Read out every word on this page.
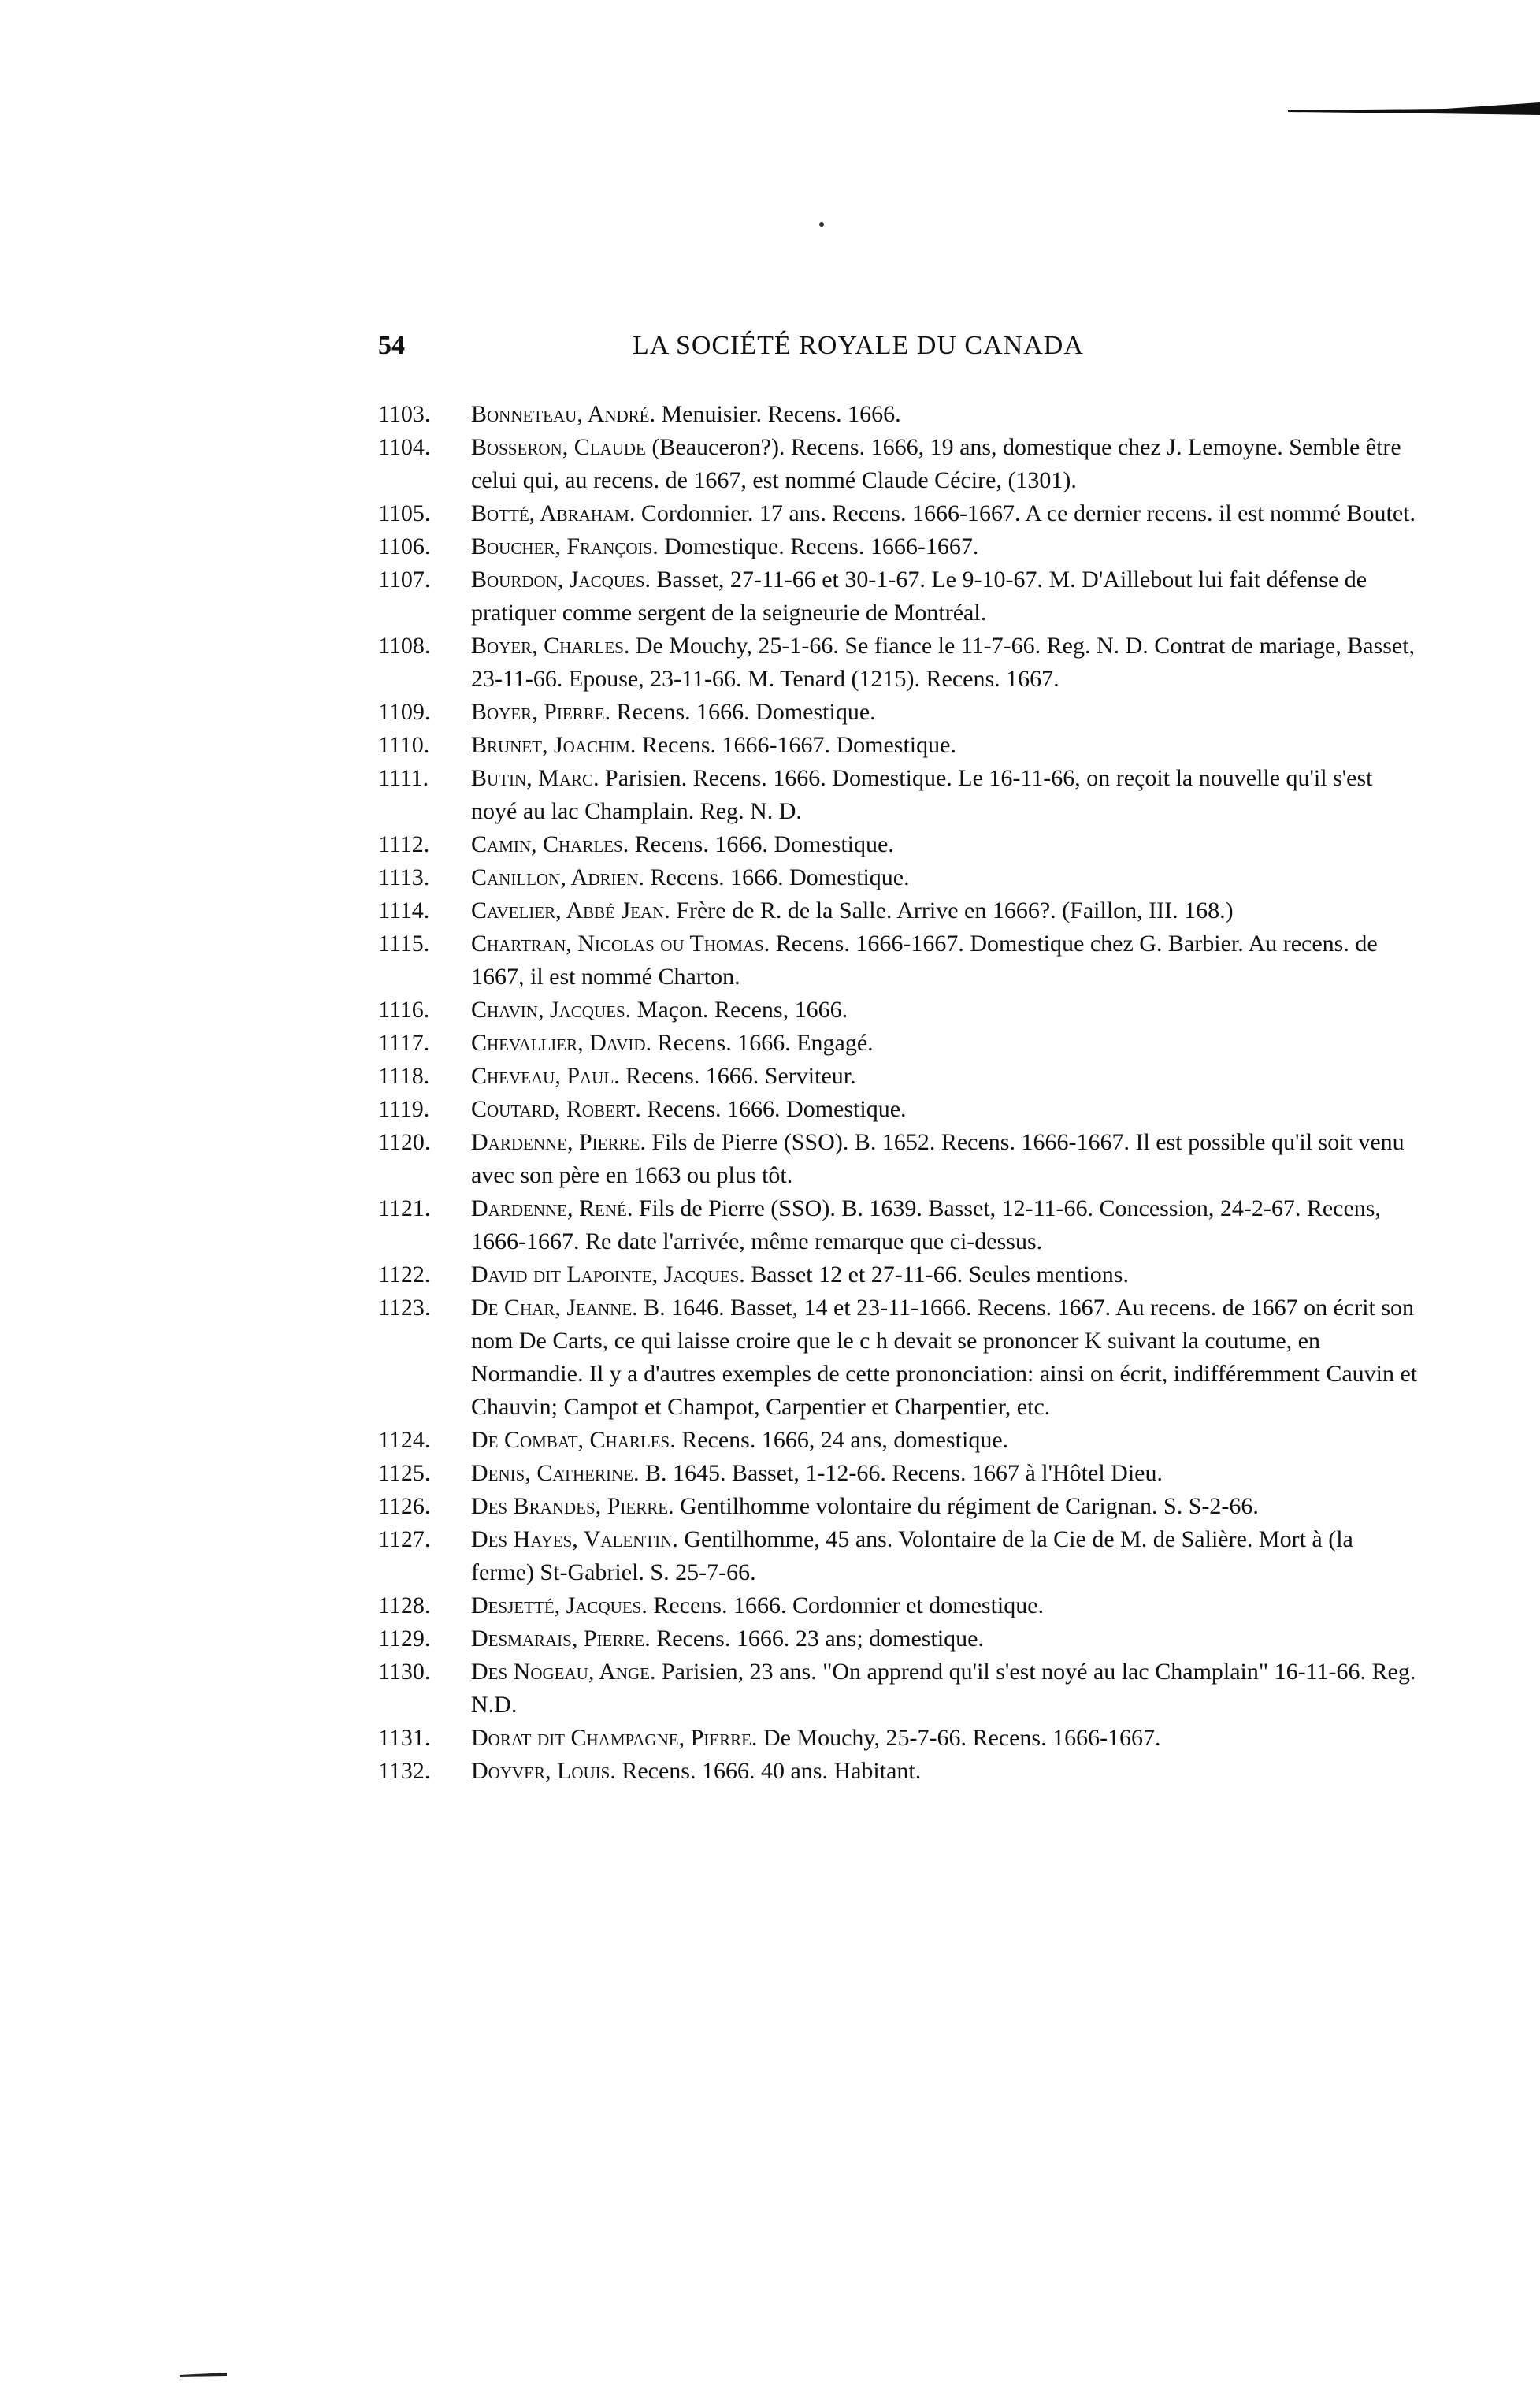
54	LA SOCIÉTÉ ROYALE DU CANADA
1103. Bonneteau, André. Menuisier. Recens. 1666.
1104. Bosseron, Claude (Beauceron?). Recens. 1666, 19 ans, domestique chez J. Lemoyne. Semble être celui qui, au recens. de 1667, est nommé Claude Cécire, (1301).
1105. Botté, Abraham. Cordonnier. 17 ans. Recens. 1666-1667. A ce dernier recens. il est nommé Boutet.
1106. Boucher, François. Domestique. Recens. 1666-1667.
1107. Bourdon, Jacques. Basset, 27-11-66 et 30-1-67. Le 9-10-67. M. D'Aillebout lui fait défense de pratiquer comme sergent de la seigneurie de Montréal.
1108. Boyer, Charles. De Mouchy, 25-1-66. Se fiance le 11-7-66. Reg. N. D. Contrat de mariage, Basset, 23-11-66. Epouse, 23-11-66. M. Tenard (1215). Recens. 1667.
1109. Boyer, Pierre. Recens. 1666. Domestique.
1110. Brunet, Joachim. Recens. 1666-1667. Domestique.
1111. Butin, Marc. Parisien. Recens. 1666. Domestique. Le 16-11-66, on reçoit la nouvelle qu'il s'est noyé au lac Champlain. Reg. N. D.
1112. Camin, Charles. Recens. 1666. Domestique.
1113. Canillon, Adrien. Recens. 1666. Domestique.
1114. Cavelier, Abbé Jean. Frère de R. de la Salle. Arrive en 1666?. (Faillon, III. 168.)
1115. Chartran, Nicolas ou Thomas. Recens. 1666-1667. Domestique chez G. Barbier. Au recens. de 1667, il est nommé Charton.
1116. Chavin, Jacques. Maçon. Recens, 1666.
1117. Chevallier, David. Recens. 1666. Engagé.
1118. Cheveau, Paul. Recens. 1666. Serviteur.
1119. Coutard, Robert. Recens. 1666. Domestique.
1120. Dardenne, Pierre. Fils de Pierre (SSO). B. 1652. Recens. 1666-1667. Il est possible qu'il soit venu avec son père en 1663 ou plus tôt.
1121. Dardenne, René. Fils de Pierre (SSO). B. 1639. Basset, 12-11-66. Concession, 24-2-67. Recens, 1666-1667. Re date l'arrivée, même remarque que ci-dessus.
1122. David dit Lapointe, Jacques. Basset 12 et 27-11-66. Seules mentions.
1123. De Char, Jeanne. B. 1646. Basset, 14 et 23-11-1666. Recens. 1667. Au recens. de 1667 on écrit son nom De Carts, ce qui laisse croire que le c h devait se prononcer K suivant la coutume, en Normandie. Il y a d'autres exemples de cette prononciation: ainsi on écrit, indifféremment Cauvin et Chauvin; Campot et Champot, Carpentier et Charpentier, etc.
1124. De Combat, Charles. Recens. 1666, 24 ans, domestique.
1125. Denis, Catherine. B. 1645. Basset, 1-12-66. Recens. 1667 à l'Hôtel Dieu.
1126. Des Brandes, Pierre. Gentilhomme volontaire du régiment de Carignan. S. S-2-66.
1127. Des Hayes, Valentin. Gentilhomme, 45 ans. Volontaire de la Cie de M. de Salière. Mort à (la ferme) St-Gabriel. S. 25-7-66.
1128. Desjetté, Jacques. Recens. 1666. Cordonnier et domestique.
1129. Desmarais, Pierre. Recens. 1666. 23 ans; domestique.
1130. Des Nogeau, Ange. Parisien, 23 ans. "On apprend qu'il s'est noyé au lac Champlain" 16-11-66. Reg. N.D.
1131. Dorat dit Champagne, Pierre. De Mouchy, 25-7-66. Recens. 1666-1667.
1132. Doyver, Louis. Recens. 1666. 40 ans. Habitant.
